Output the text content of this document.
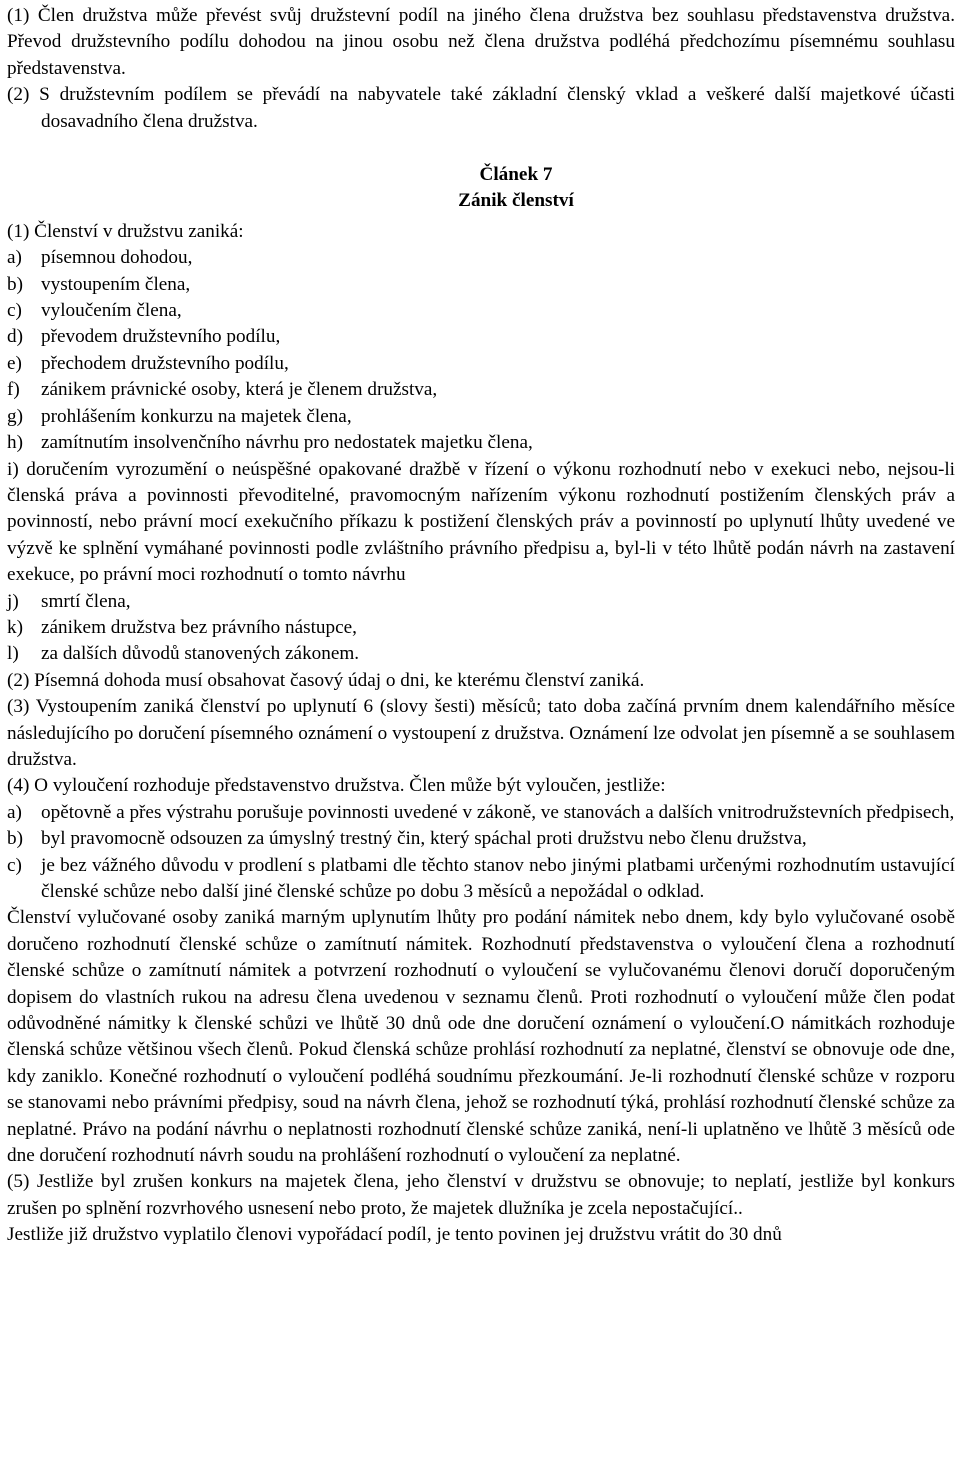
(1) Člen družstva může převést svůj družstevní podíl na jiného člena družstva bez souhlasu představenstva družstva. Převod družstevního podílu dohodou na jinou osobu než člena družstva podléhá předchozímu písemnému souhlasu představenstva.

(2) S družstevním podílem se převádí na nabyvatele také základní členský vklad a veškeré další majetkové účasti dosavadního člena družstva.

Článek 7

Zánik členství

(1) Členství v družstvu zaniká:

a) písemnou dohodou,

b) vystoupením člena,

c) vyloučením člena,

d) převodem družstevního podílu,

e) přechodem družstevního podílu,

f) zánikem právnické osoby, která je členem družstva,

g) prohlášením konkurzu na majetek člena,

h) zamítnutím insolvenčního návrhu pro nedostatek majetku člena,

i) doručením vyrozumění o neúspěšné opakované dražbě v řízení o výkonu rozhodnutí nebo v exekuci nebo, nejsou-li členská práva a povinnosti převoditelné, pravomocným nařízením výkonu rozhodnutí postižením členských práv a povinností, nebo právní mocí exekučního příkazu k postižení členských práv a povinností po uplynutí lhůty uvedené ve výzvě ke splnění vymáhané povinnosti podle zvláštního právního předpisu a, byl-li v této lhůtě podán návrh na zastavení exekuce, po právní moci rozhodnutí o tomto návrhu

j) smrtí člena,

k) zánikem družstva bez právního nástupce,

l) za dalších důvodů stanovených zákonem.

(2) Písemná dohoda musí obsahovat časový údaj o dni, ke kterému členství zaniká.

(3) Vystoupením zaniká členství po uplynutí 6 (slovy šesti) měsíců; tato doba začíná prvním dnem kalendářního měsíce následujícího po doručení písemného oznámení o vystoupení z družstva. Oznámení lze odvolat jen písemně a se souhlasem družstva.

(4) O vyloučení rozhoduje představenstvo družstva. Člen může být vyloučen, jestliže:

a) opětovně a přes výstrahu porušuje povinnosti uvedené v zákoně, ve stanovách a dalších vnitrodružstevních předpisech,

b) byl pravomocně odsouzen za úmyslný trestný čin, který spáchal proti družstvu nebo členu družstva,

c) je bez vážného důvodu v prodlení s platbami dle těchto stanov nebo jinými platbami určenými rozhodnutím ustavující členské schůze nebo další jiné členské schůze po dobu 3 měsíců a nepožádal o odklad.

Členství vylučované osoby zaniká marným uplynutím lhůty pro podání námitek nebo dnem, kdy bylo vylučované osobě doručeno rozhodnutí členské schůze o zamítnutí námitek. Rozhodnutí představenstva o vyloučení člena a rozhodnutí členské schůze o zamítnutí námitek a potvrzení rozhodnutí o vyloučení se vylučovanému členovi doručí doporučeným dopisem do vlastních rukou na adresu člena uvedenou v seznamu členů. Proti rozhodnutí o vyloučení může člen podat odůvodněné námitky k členské schůzi ve lhůtě 30 dnů ode dne doručení oznámení o vyloučení.O námitkách rozhoduje členská schůze většinou všech členů. Pokud členská schůze prohlásí rozhodnutí za neplatné, členství se obnovuje ode dne, kdy zaniklo. Konečné rozhodnutí o vyloučení podléhá soudnímu přezkoumání. Je-li rozhodnutí členské schůze v rozporu se stanovami nebo právními předpisy, soud na návrh člena, jehož se rozhodnutí týká, prohlásí rozhodnutí členské schůze za neplatné. Právo na podání návrhu o neplatnosti rozhodnutí členské schůze zaniká, není-li uplatněno ve lhůtě 3 měsíců ode dne doručení rozhodnutí návrh soudu na prohlášení rozhodnutí o vyloučení za neplatné.

(5) Jestliže byl zrušen konkurs na majetek člena, jeho členství v družstvu se obnovuje; to neplatí, jestliže byl konkurs zrušen po splnění rozvrhového usnesení nebo proto, že majetek dlužníka je zcela nepostačující..

Jestliže již družstvo vyplatilo členovi vypořádací podíl, je tento povinen jej družstvu vrátit do 30 dnů
